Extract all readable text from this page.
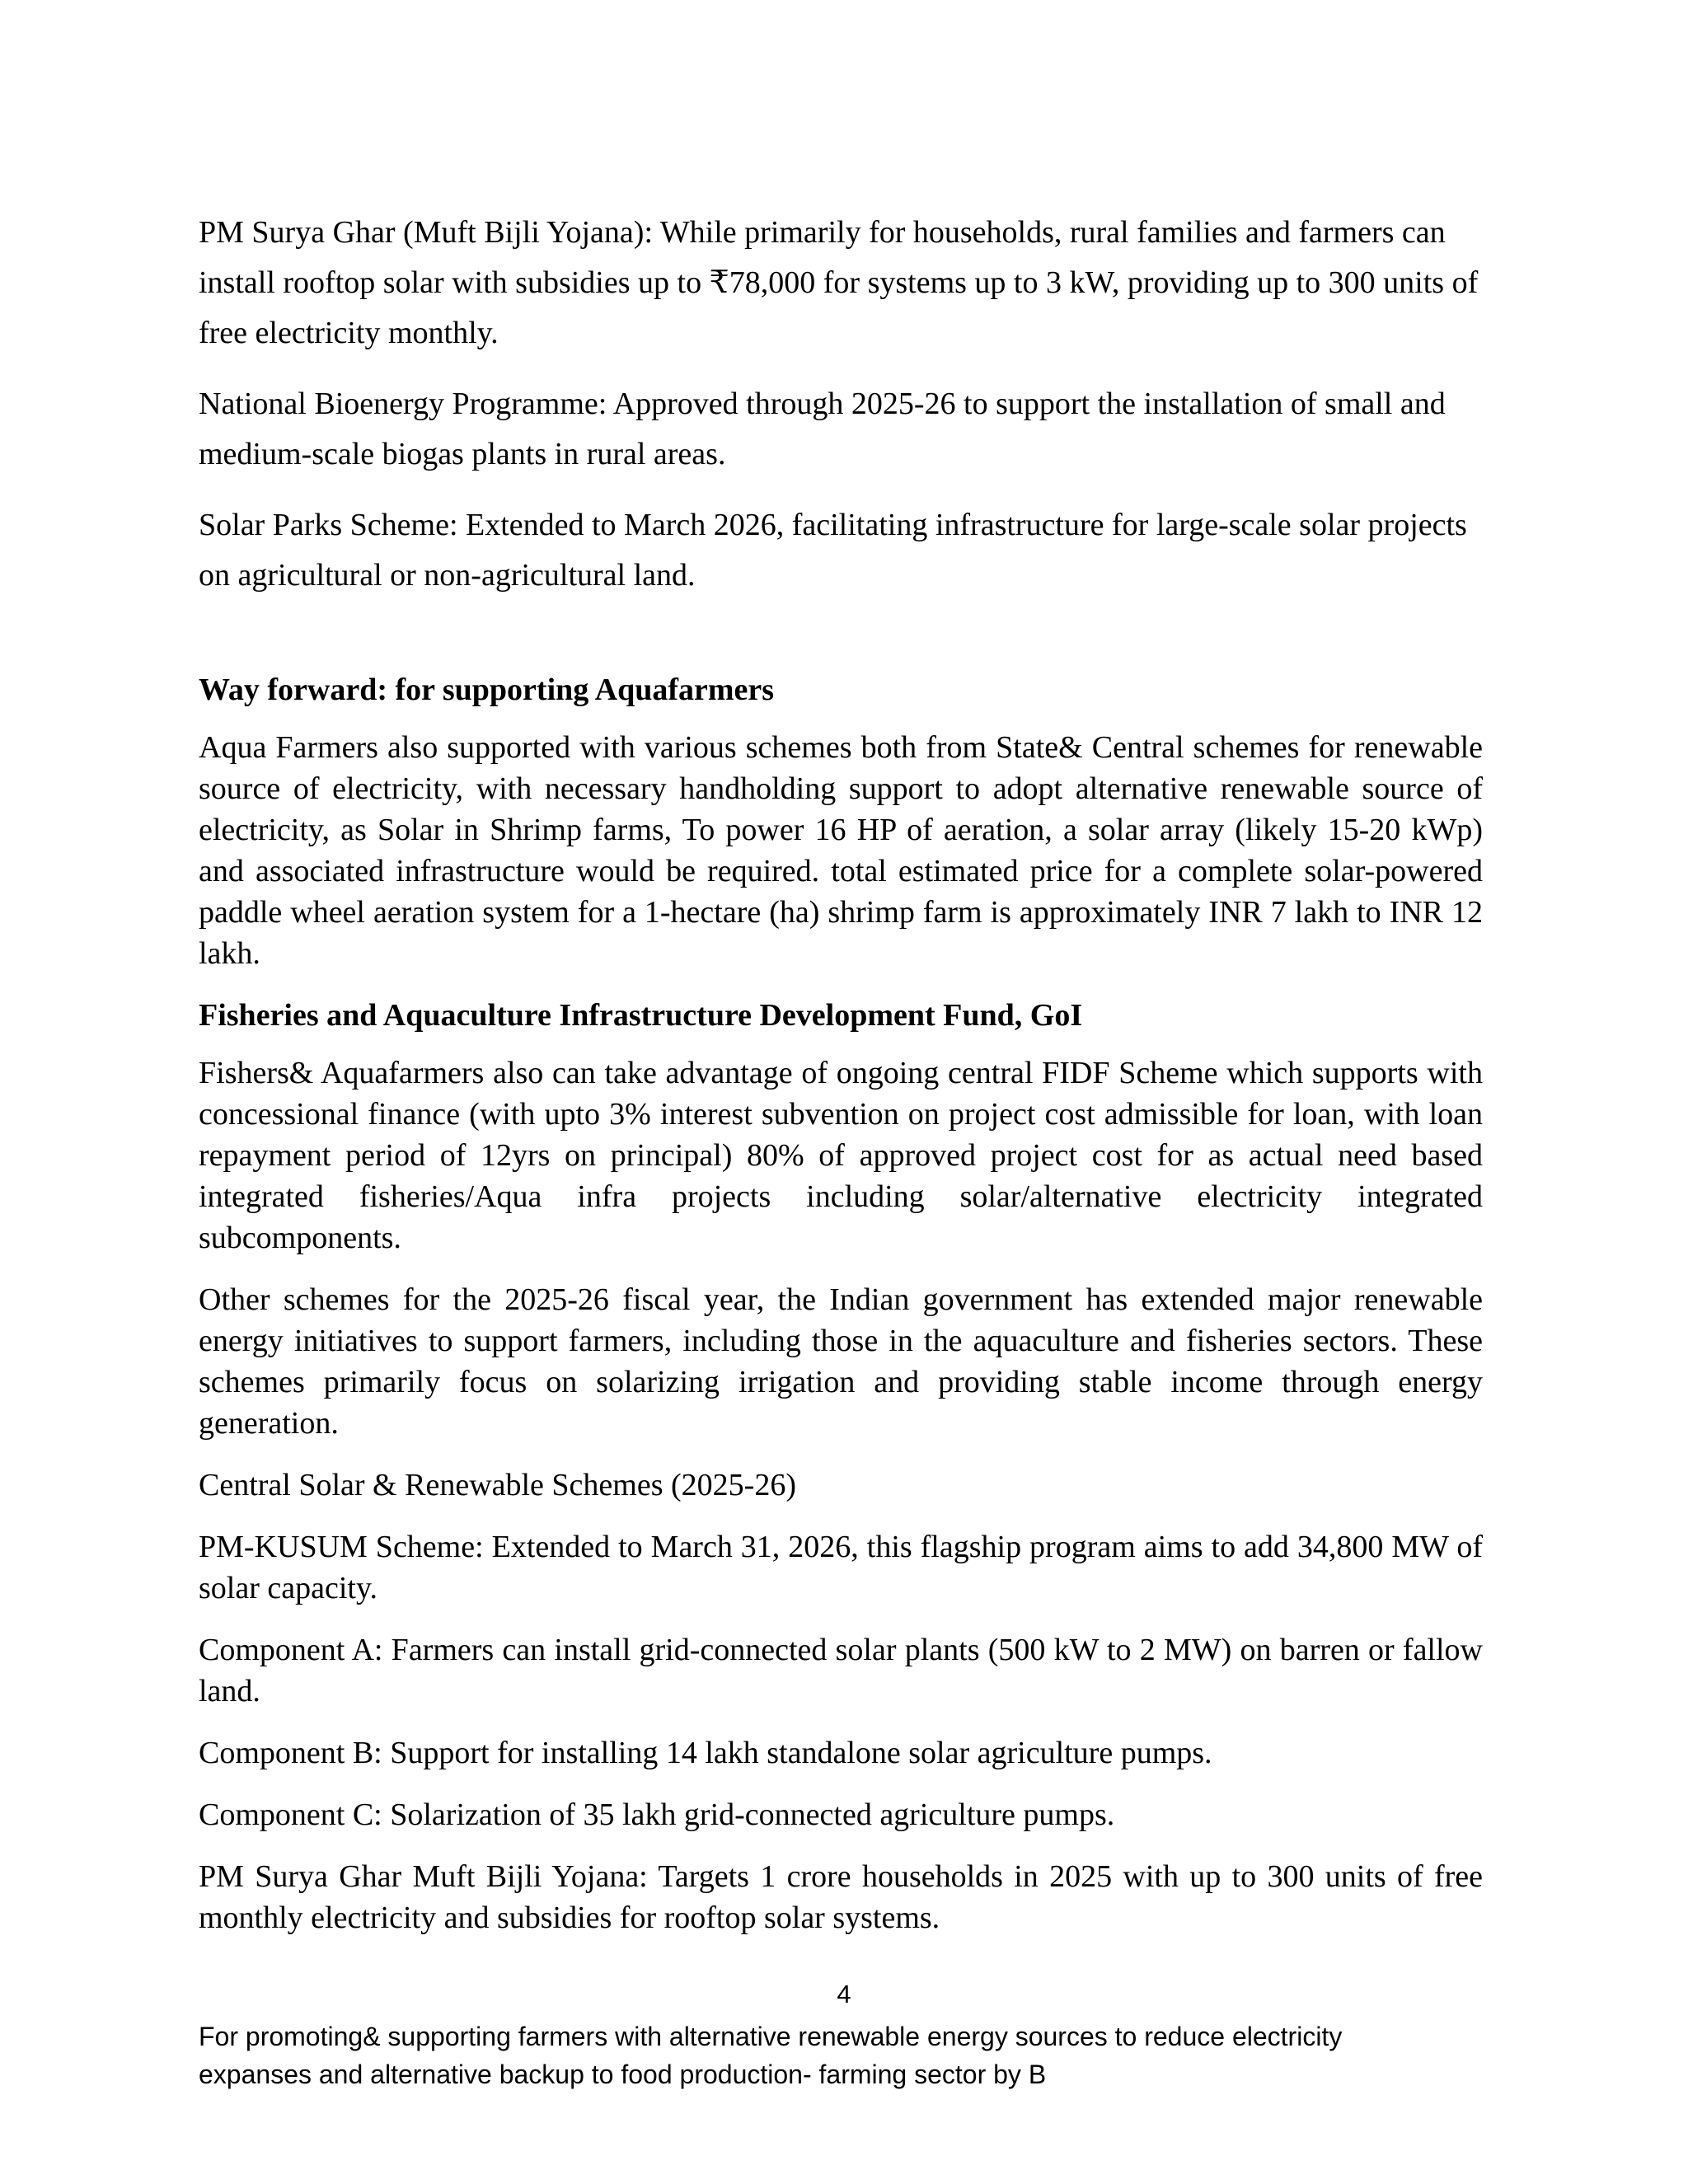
PM Surya Ghar (Muft Bijli Yojana): While primarily for households, rural families and farmers can install rooftop solar with subsidies up to ₹78,000 for systems up to 3 kW, providing up to 300 units of free electricity monthly.

National Bioenergy Programme: Approved through 2025-26 to support the installation of small and medium-scale biogas plants in rural areas.

Solar Parks Scheme: Extended to March 2026, facilitating infrastructure for large-scale solar projects on agricultural or non-agricultural land.

Way forward: for supporting Aquafarmers

Aqua Farmers also supported with various schemes both from State& Central schemes for renewable source of electricity, with necessary handholding support to adopt alternative renewable source of electricity, as Solar in Shrimp farms, To power 16 HP of aeration, a solar array (likely 15-20 kWp) and associated infrastructure would be required. total estimated price for a complete solar-powered paddle wheel aeration system for a 1-hectare (ha) shrimp farm is approximately INR 7 lakh to INR 12 lakh.

Fisheries and Aquaculture Infrastructure Development Fund, GoI

Fishers& Aquafarmers also can take advantage of ongoing central FIDF Scheme which supports with concessional finance (with upto 3% interest subvention on project cost admissible for loan, with loan repayment period of 12yrs on principal) 80% of approved project cost for as actual need based integrated fisheries/Aqua infra projects including solar/alternative electricity integrated subcomponents.

Other schemes for the 2025-26 fiscal year, the Indian government has extended major renewable energy initiatives to support farmers, including those in the aquaculture and fisheries sectors. These schemes primarily focus on solarizing irrigation and providing stable income through energy generation.

Central Solar & Renewable Schemes (2025-26)

PM-KUSUM Scheme: Extended to March 31, 2026, this flagship program aims to add 34,800 MW of solar capacity.

Component A: Farmers can install grid-connected solar plants (500 kW to 2 MW) on barren or fallow land.

Component B: Support for installing 14 lakh standalone solar agriculture pumps.

Component C: Solarization of 35 lakh grid-connected agriculture pumps.

PM Surya Ghar Muft Bijli Yojana: Targets 1 crore households in 2025 with up to 300 units of free monthly electricity and subsidies for rooftop solar systems.

4
For promoting& supporting farmers with alternative renewable energy sources to reduce electricity
expanses and alternative backup to food production- farming sector by B
